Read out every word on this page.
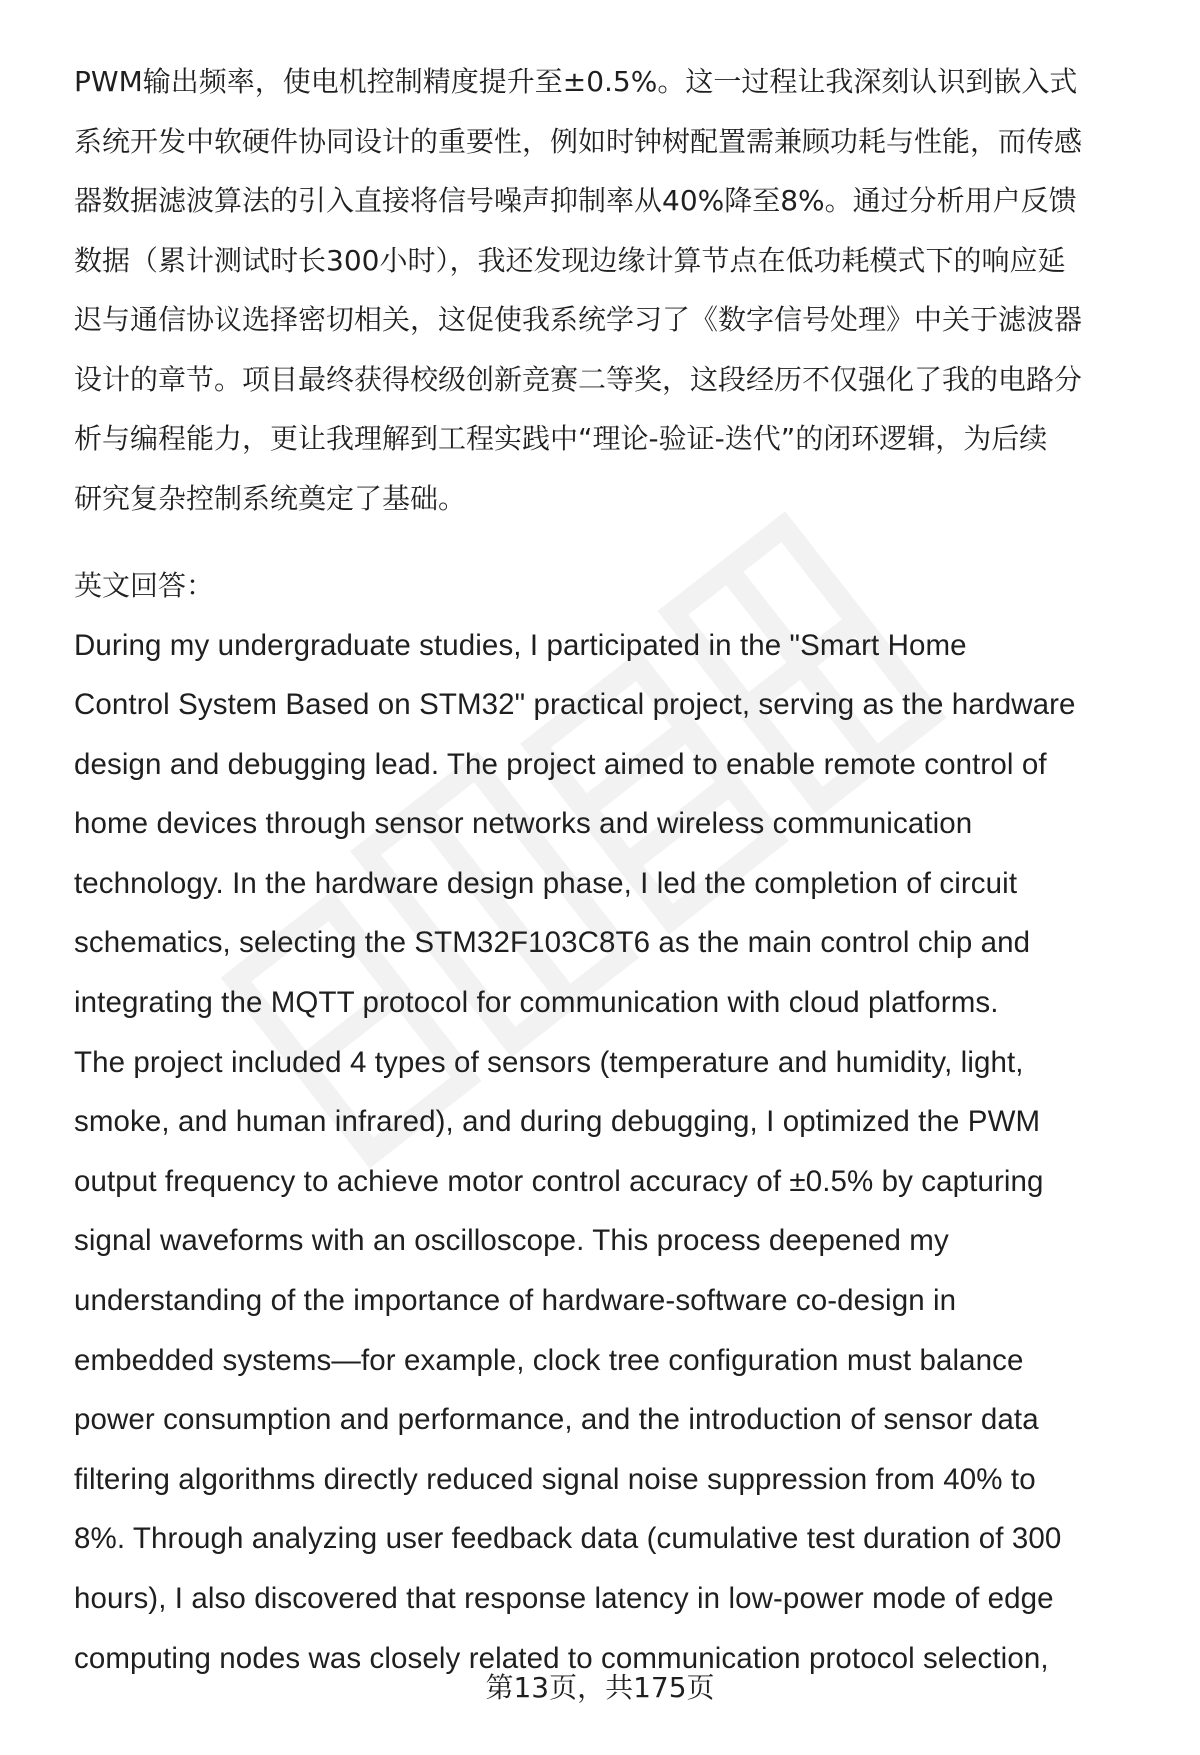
PWM输出频率，使电机控制精度提升至±0.5%。这一过程让我深刻认识到嵌入式
系统开发中软硬件协同设计的重要性，例如时钟树配置需兼顾功耗与性能，而传感
器数据滤波算法的引入直接将信号噪声抑制率从40%降至8%。通过分析用户反馈
数据（累计测试时长300小时），我还发现边缘计算节点在低功耗模式下的响应延
迟与通信协议选择密切相关，这促使我系统学习了《数字信号处理》中关于滤波器
设计的章节。项目最终获得校级创新竞赛二等奖，这段经历不仅强化了我的电路分
析与编程能力，更让我理解到工程实践中“理论-验证-迭代”的闭环逻辑，为后续
研究复杂控制系统奠定了基础。

英文回答：

During my undergraduate studies, I participated in the "Smart Home
Control System Based on STM32" practical project, serving as the hardware
design and debugging lead. The project aimed to enable remote control of
home devices through sensor networks and wireless communication
technology. In the hardware design phase, I led the completion of circuit
schematics, selecting the STM32F103C8T6 as the main control chip and
integrating the MQTT protocol for communication with cloud platforms.
The project included 4 types of sensors (temperature and humidity, light,
smoke, and human infrared), and during debugging, I optimized the PWM
output frequency to achieve motor control accuracy of ±0.5% by capturing
signal waveforms with an oscilloscope. This process deepened my
understanding of the importance of hardware-software co-design in
embedded systems—for example, clock tree configuration must balance
power consumption and performance, and the introduction of sensor data
filtering algorithms directly reduced signal noise suppression from 40% to
8%. Through analyzing user feedback data (cumulative test duration of 300
hours), I also discovered that response latency in low-power mode of edge
computing nodes was closely related to communication protocol selection,

第13页，共175页
